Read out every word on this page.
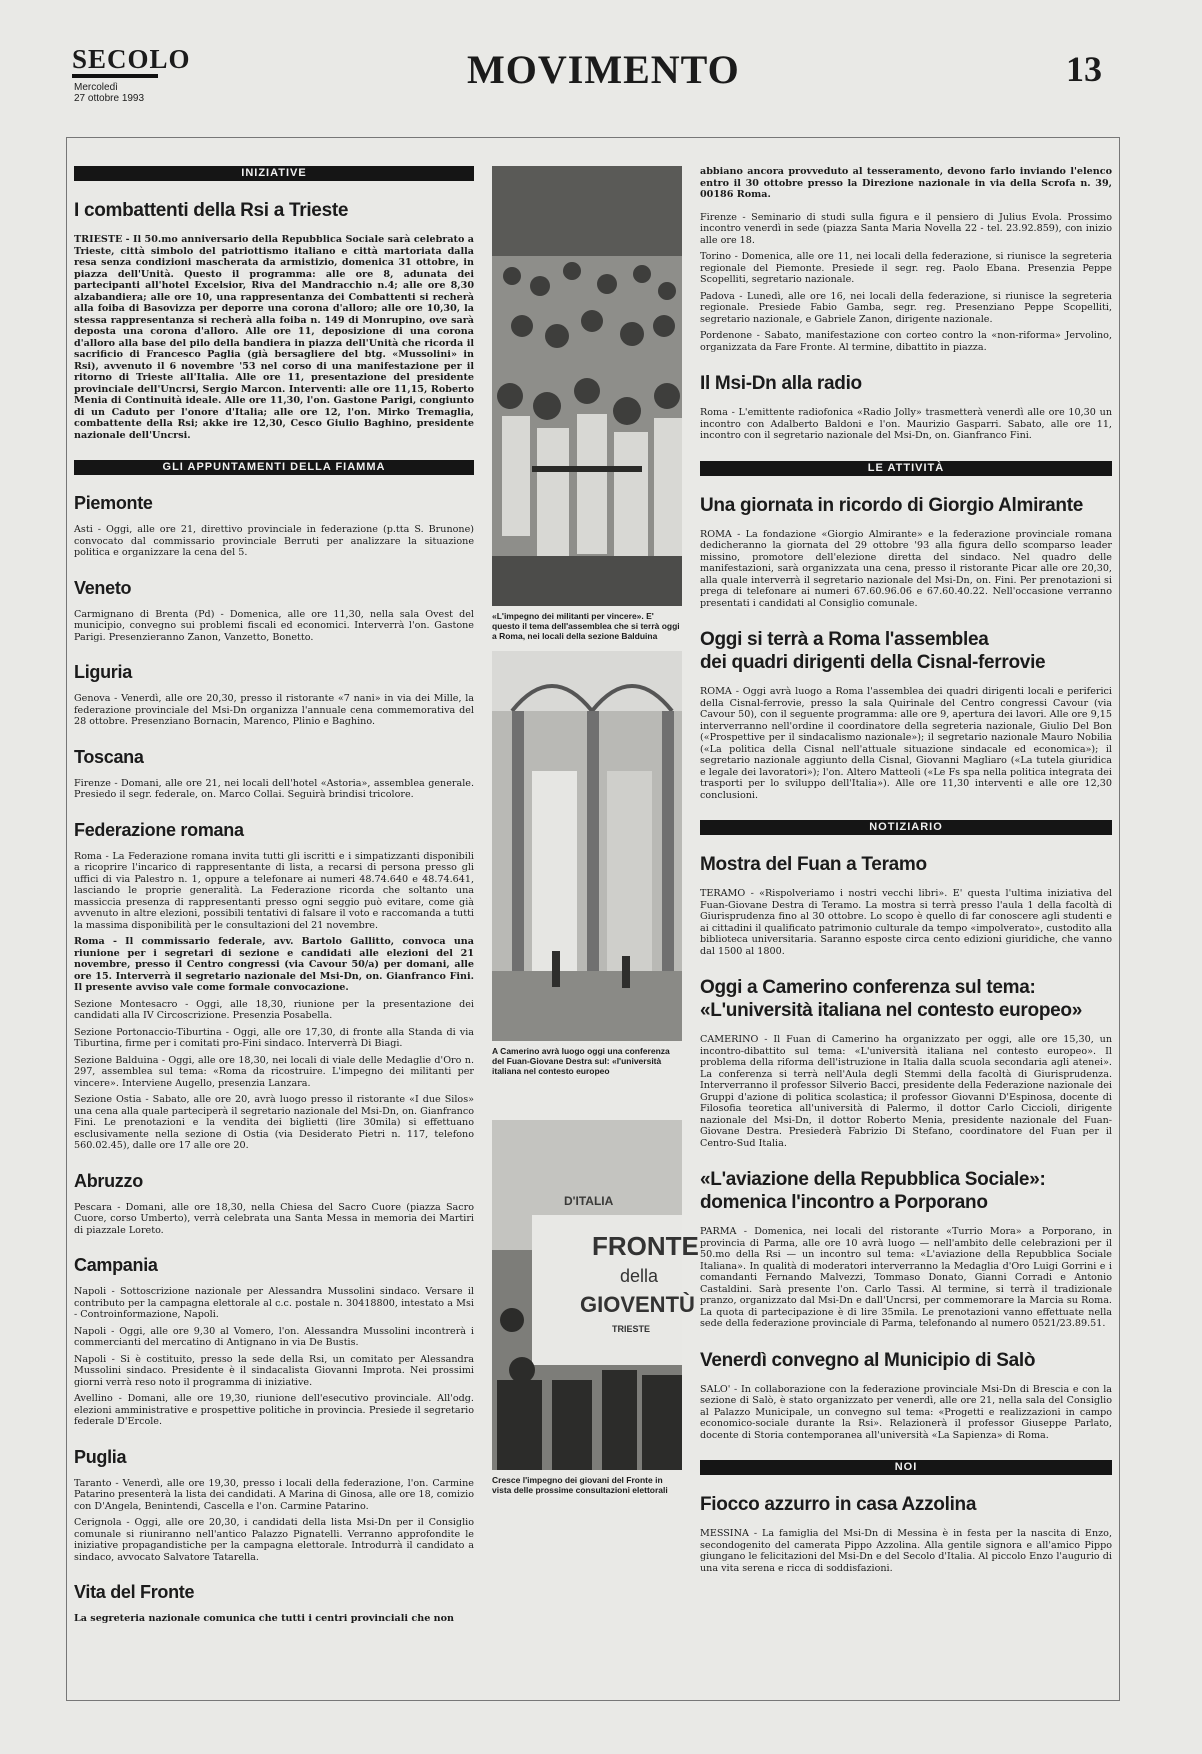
SECOLO
Mercoledì
27 ottobre 1993
MOVIMENTO	13
INIZIATIVE
I combattenti della Rsi a Trieste

TRIESTE - Il 50.mo anniversario della Repubblica Sociale sarà celebrato a Trieste, città simbolo del patriottismo italiano e città martoriata dalla resa senza condizioni mascherata da armistizio, domenica 31 ottobre, in piazza dell'Unità. Questo il programma: alle ore 8, adunata dei partecipanti all'hotel Excelsior, Riva del Mandracchio n.4; alle ore 8,30 alzabandiera; alle ore 10, una rappresentanza dei Combattenti si recherà alla foiba di Basovizza per deporre una corona d'alloro; alle ore 10,30, la stessa rappresentanza si recherà alla foiba n. 149 di Monrupino, ove sarà deposta una corona d'alloro. Alle ore 11, deposizione di una corona d'alloro alla base del pilo della bandiera in piazza dell'Unità che ricorda il sacrificio di Francesco Paglia (già bersagliere del btg. «Mussolini» in Rsi), avvenuto il 6 novembre '53 nel corso di una manifestazione per il ritorno di Trieste all'Italia. Alle ore 11, presentazione del presidente provinciale dell'Uncrsi, Sergio Marcon. Interventi: alle ore 11,15, Roberto Menia di Continuità ideale. Alle ore 11,30, l'on. Gastone Parigi, congiunto di un Caduto per l'onore d'Italia; alle ore 12, l'on. Mirko Tremaglia, combattente della Rsi; akke ire 12,30, Cesco Giulio Baghino, presidente nazionale dell'Uncrsi.

GLI APPUNTAMENTI DELLA FIAMMA
Piemonte

Asti - Oggi, alle ore 21, direttivo provinciale in federazione (p.tta S. Brunone) convocato dal commissario provinciale Berruti per analizzare la situazione politica e organizzare la cena del 5.

Veneto

Carmignano di Brenta (Pd) - Domenica, alle ore 11,30, nella sala Ovest del municipio, convegno sui problemi fiscali ed economici. Interverrà l'on. Gastone Parigi. Presenzieranno Zanon, Vanzetto, Bonetto.

Liguria

Genova - Venerdì, alle ore 20,30, presso il ristorante «7 nani» in via dei Mille, la federazione provinciale del Msi-Dn organizza l'annuale cena commemorativa del 28 ottobre. Presenziano Bornacin, Marenco, Plinio e Baghino.

Toscana

Firenze - Domani, alle ore 21, nei locali dell'hotel «Astoria», assemblea generale. Presiedo il segr. federale, on. Marco Collai. Seguirà brindisi tricolore.

Federazione romana

Roma - La Federazione romana invita tutti gli iscritti e i simpatizzanti disponibili a ricoprire l'incarico di rappresentante di lista, a recarsi di persona presso gli uffici di via Palestro n. 1, oppure a telefonare ai numeri 48.74.640 e 48.74.641, lasciando le proprie generalità. La Federazione ricorda che soltanto una massiccia presenza di rappresentanti presso ogni seggio può evitare, come già avvenuto in altre elezioni, possibili tentativi di falsare il voto e raccomanda a tutti la massima disponibilità per le consultazioni del 21 novembre.

Roma - Il commissario federale, avv. Bartolo Gallitto, convoca una riunione per i segretari di sezione e candidati alle elezioni del 21 novembre, presso il Centro congressi (via Cavour 50/a) per domani, alle ore 15. Interverrà il segretario nazionale del Msi-Dn, on. Gianfranco Fini. Il presente avviso vale come formale convocazione.

Sezione Montesacro - Oggi, alle 18,30, riunione per la presentazione dei candidati alla IV Circoscrizione. Presenzia Posabella.

Sezione Portonaccio-Tiburtina - Oggi, alle ore 17,30, di fronte alla Standa di via Tiburtina, firme per i comitati pro-Fini sindaco. Interverrà Di Biagi.

Sezione Balduina - Oggi, alle ore 18,30, nei locali di viale delle Medaglie d'Oro n. 297, assemblea sul tema: «Roma da ricostruire. L'impegno dei militanti per vincere». Interviene Augello, presenzia Lanzara.

Sezione Ostia - Sabato, alle ore 20, avrà luogo presso il ristorante «I due Silos» una cena alla quale parteciperà il segretario nazionale del Msi-Dn, on. Gianfranco Fini. Le prenotazioni e la vendita dei biglietti (lire 30mila) si effettuano esclusivamente nella sezione di Ostia (via Desiderato Pietri n. 117, telefono 560.02.45), dalle ore 17 alle ore 20.

Abruzzo

Pescara - Domani, alle ore 18,30, nella Chiesa del Sacro Cuore (piazza Sacro Cuore, corso Umberto), verrà celebrata una Santa Messa in memoria dei Martiri di piazzale Loreto.

Campania

Napoli - Sottoscrizione nazionale per Alessandra Mussolini sindaco. Versare il contributo per la campagna elettorale al c.c. postale n. 30418800, intestato a Msi - Controinformazione, Napoli.

Napoli - Oggi, alle ore 9,30 al Vomero, l'on. Alessandra Mussolini incontrerà i commercianti del mercatino di Antignano in via De Bustis.

Napoli - Si è costituito, presso la sede della Rsi, un comitato per Alessandra Mussolini sindaco. Presidente è il sindacalista Giovanni Improta. Nei prossimi giorni verrà reso noto il programma di iniziative.

Avellino - Domani, alle ore 19,30, riunione dell'esecutivo provinciale. All'odg. elezioni amministrative e prospettive politiche in provincia. Presiede il segretario federale D'Ercole.

Puglia

Taranto - Venerdì, alle ore 19,30, presso i locali della federazione, l'on. Carmine Patarino presenterà la lista dei candidati. A Marina di Ginosa, alle ore 18, comizio con D'Angela, Benintendi, Cascella e l'on. Carmine Patarino.

Cerignola - Oggi, alle ore 20,30, i candidati della lista Msi-Dn per il Consiglio comunale si riuniranno nell'antico Palazzo Pignatelli. Verranno approfondite le iniziative propagandistiche per la campagna elettorale. Introdurrà il candidato a sindaco, avvocato Salvatore Tatarella.

Vita del Fronte

La segreteria nazionale comunica che tutti i centri provinciali che non

«L'impegno dei militanti per vincere». E' questo il tema dell'assemblea che si terrà oggi a Roma, nei locali della sezione Balduina
A Camerino avrà luogo oggi una conferenza del Fuan-Giovane Destra sul: «l'università italiana nel contesto europeo
D'ITALIA
FRONTE
della
GIOVENTÙ
TRIESTE
Cresce l'impegno dei giovani del Fronte in vista delle prossime consultazioni elettorali

abbiano ancora provveduto al tesseramento, devono farlo inviando l'elenco entro il 30 ottobre presso la Direzione nazionale in via della Scrofa n. 39, 00186 Roma.

Firenze - Seminario di studi sulla figura e il pensiero di Julius Evola. Prossimo incontro venerdì in sede (piazza Santa Maria Novella 22 - tel. 23.92.859), con inizio alle ore 18.

Torino - Domenica, alle ore 11, nei locali della federazione, si riunisce la segreteria regionale del Piemonte. Presiede il segr. reg. Paolo Ebana. Presenzia Peppe Scopelliti, segretario nazionale.

Padova - Lunedì, alle ore 16, nei locali della federazione, si riunisce la segreteria regionale. Presiede Fabio Gamba, segr. reg. Presenziano Peppe Scopelliti, segretario nazionale, e Gabriele Zanon, dirigente nazionale.

Pordenone - Sabato, manifestazione con corteo contro la «non-riforma» Jervolino, organizzata da Fare Fronte. Al termine, dibattito in piazza.

Il Msi-Dn alla radio

Roma - L'emittente radiofonica «Radio Jolly» trasmetterà venerdì alle ore 10,30 un incontro con Adalberto Baldoni e l'on. Maurizio Gasparri. Sabato, alle ore 11, incontro con il segretario nazionale del Msi-Dn, on. Gianfranco Fini.

LE ATTIVITÀ
Una giornata in ricordo di Giorgio Almirante

ROMA - La fondazione «Giorgio Almirante» e la federazione provinciale romana dedicheranno la giornata del 29 ottobre '93 alla figura dello scomparso leader missino, promotore dell'elezione diretta del sindaco. Nel quadro delle manifestazioni, sarà organizzata una cena, presso il ristorante Picar alle ore 20,30, alla quale interverrà il segretario nazionale del Msi-Dn, on. Fini. Per prenotazioni si prega di telefonare ai numeri 67.60.96.06 e 67.60.40.22. Nell'occasione verranno presentati i candidati al Consiglio comunale.

Oggi si terrà a Roma l'assemblea
dei quadri dirigenti della Cisnal-ferrovie

ROMA - Oggi avrà luogo a Roma l'assemblea dei quadri dirigenti locali e periferici della Cisnal-ferrovie, presso la sala Quirinale del Centro congressi Cavour (via Cavour 50), con il seguente programma: alle ore 9, apertura dei lavori. Alle ore 9,15 interverranno nell'ordine il coordinatore della segreteria nazionale, Giulio Del Bon («Prospettive per il sindacalismo nazionale»); il segretario nazionale Mauro Nobilia («La politica della Cisnal nell'attuale situazione sindacale ed economica»); il segretario nazionale aggiunto della Cisnal, Giovanni Magliaro («La tutela giuridica e legale dei lavoratori»); l'on. Altero Matteoli («Le Fs spa nella politica integrata dei trasporti per lo sviluppo dell'Italia»). Alle ore 11,30 interventi e alle ore 12,30 conclusioni.

NOTIZIARIO
Mostra del Fuan a Teramo

TERAMO - «Rispolveriamo i nostri vecchi libri». E' questa l'ultima iniziativa del Fuan-Giovane Destra di Teramo. La mostra si terrà presso l'aula 1 della facoltà di Giurisprudenza fino al 30 ottobre. Lo scopo è quello di far conoscere agli studenti e ai cittadini il qualificato patrimonio culturale da tempo «impolverato», custodito alla biblioteca universitaria. Saranno esposte circa cento edizioni giuridiche, che vanno dal 1500 al 1800.

Oggi a Camerino conferenza sul tema:
«L'università italiana nel contesto europeo»

CAMERINO - Il Fuan di Camerino ha organizzato per oggi, alle ore 15,30, un incontro-dibattito sul tema: «L'università italiana nel contesto europeo». Il problema della riforma dell'istruzione in Italia dalla scuola secondaria agli atenei». La conferenza si terrà nell'Aula degli Stemmi della facoltà di Giurisprudenza. Interverranno il professor Silverio Bacci, presidente della Federazione nazionale dei Gruppi d'azione di politica scolastica; il professor Giovanni D'Espinosa, docente di Filosofia teoretica all'università di Palermo, il dottor Carlo Ciccioli, dirigente nazionale del Msi-Dn, il dottor Roberto Menia, presidente nazionale del Fuan-Giovane Destra. Presiederà Fabrizio Di Stefano, coordinatore del Fuan per il Centro-Sud Italia.

«L'aviazione della Repubblica Sociale»:
domenica l'incontro a Porporano

PARMA - Domenica, nei locali del ristorante «Turrio Mora» a Porporano, in provincia di Parma, alle ore 10 avrà luogo — nell'ambito delle celebrazioni per il 50.mo della Rsi — un incontro sul tema: «L'aviazione della Repubblica Sociale Italiana». In qualità di moderatori interverranno la Medaglia d'Oro Luigi Gorrini e i comandanti Fernando Malvezzi, Tommaso Donato, Gianni Corradi e Antonio Castaldini. Sarà presente l'on. Carlo Tassi. Al termine, si terrà il tradizionale pranzo, organizzato dal Msi-Dn e dall'Uncrsi, per commemorare la Marcia su Roma. La quota di partecipazione è di lire 35mila. Le prenotazioni vanno effettuate nella sede della federazione provinciale di Parma, telefonando al numero 0521/23.89.51.

Venerdì convegno al Municipio di Salò

SALO' - In collaborazione con la federazione provinciale Msi-Dn di Brescia e con la sezione di Salò, è stato organizzato per venerdì, alle ore 21, nella sala del Consiglio al Palazzo Municipale, un convegno sul tema: «Progetti e realizzazioni in campo economico-sociale durante la Rsi». Relazionerà il professor Giuseppe Parlato, docente di Storia contemporanea all'università «La Sapienza» di Roma.

NOI
Fiocco azzurro in casa Azzolina

MESSINA - La famiglia del Msi-Dn di Messina è in festa per la nascita di Enzo, secondogenito del camerata Pippo Azzolina. Alla gentile signora e all'amico Pippo giungano le felicitazioni del Msi-Dn e del Secolo d'Italia. Al piccolo Enzo l'augurio di una vita serena e ricca di soddisfazioni.
